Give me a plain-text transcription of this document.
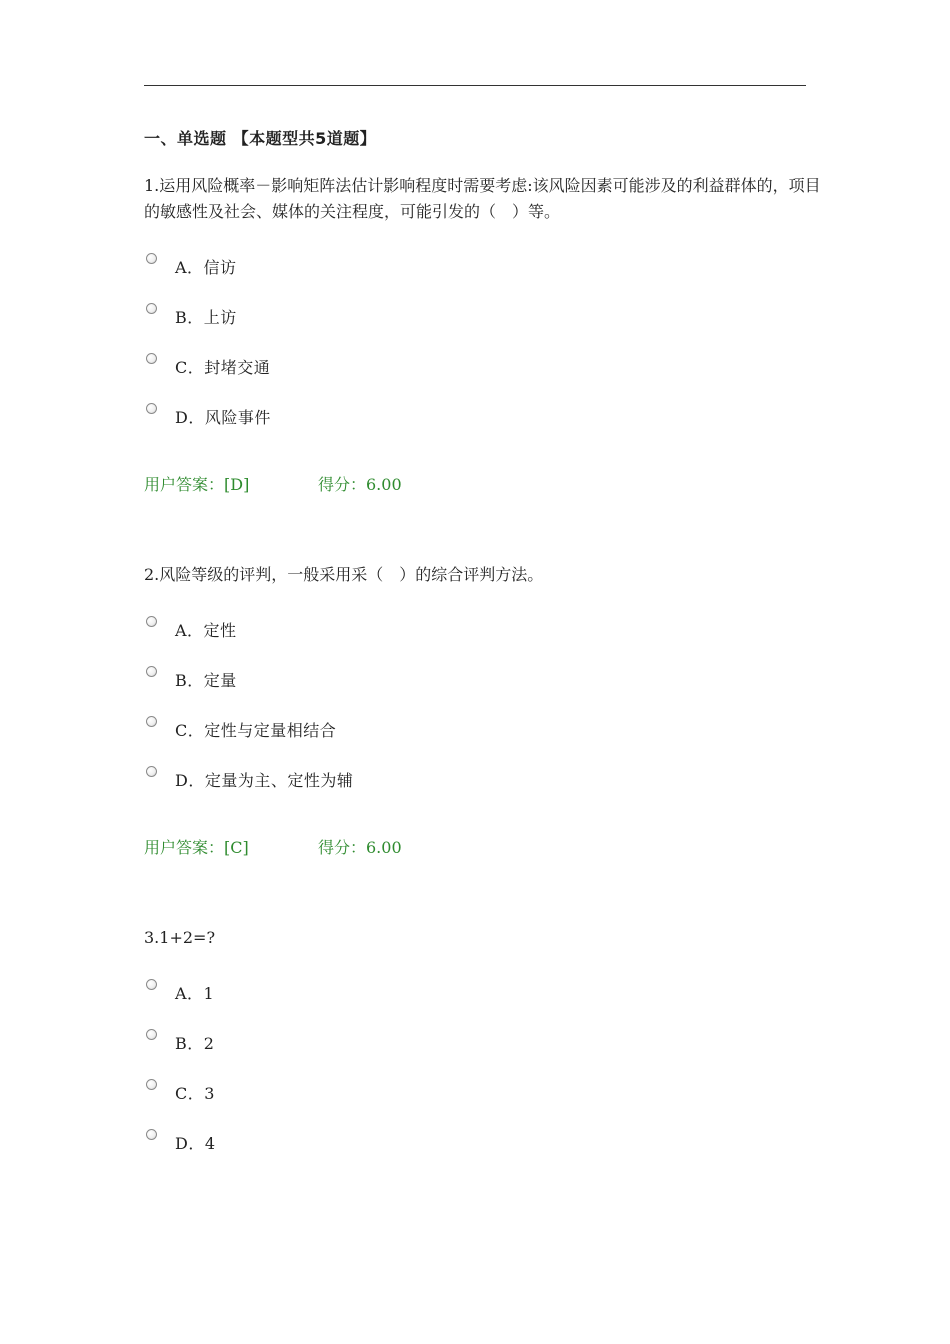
一、单选题 【本题型共5道题】

1.运用风险概率－影响矩阵法估计影响程度时需要考虑:该风险因素可能涉及的利益群体的，项目的敏感性及社会、媒体的关注程度，可能引发的（　）等。

A．信访
B．上访
C．封堵交通
D．风险事件
用户答案：[D]	得分：6.00

2.风险等级的评判，一般采用采（　）的综合评判方法。

A．定性
B．定量
C．定性与定量相结合
D．定量为主、定性为辅
用户答案：[C]	得分：6.00

3.1+2=?

A．1
B．2
C．3
D．4
